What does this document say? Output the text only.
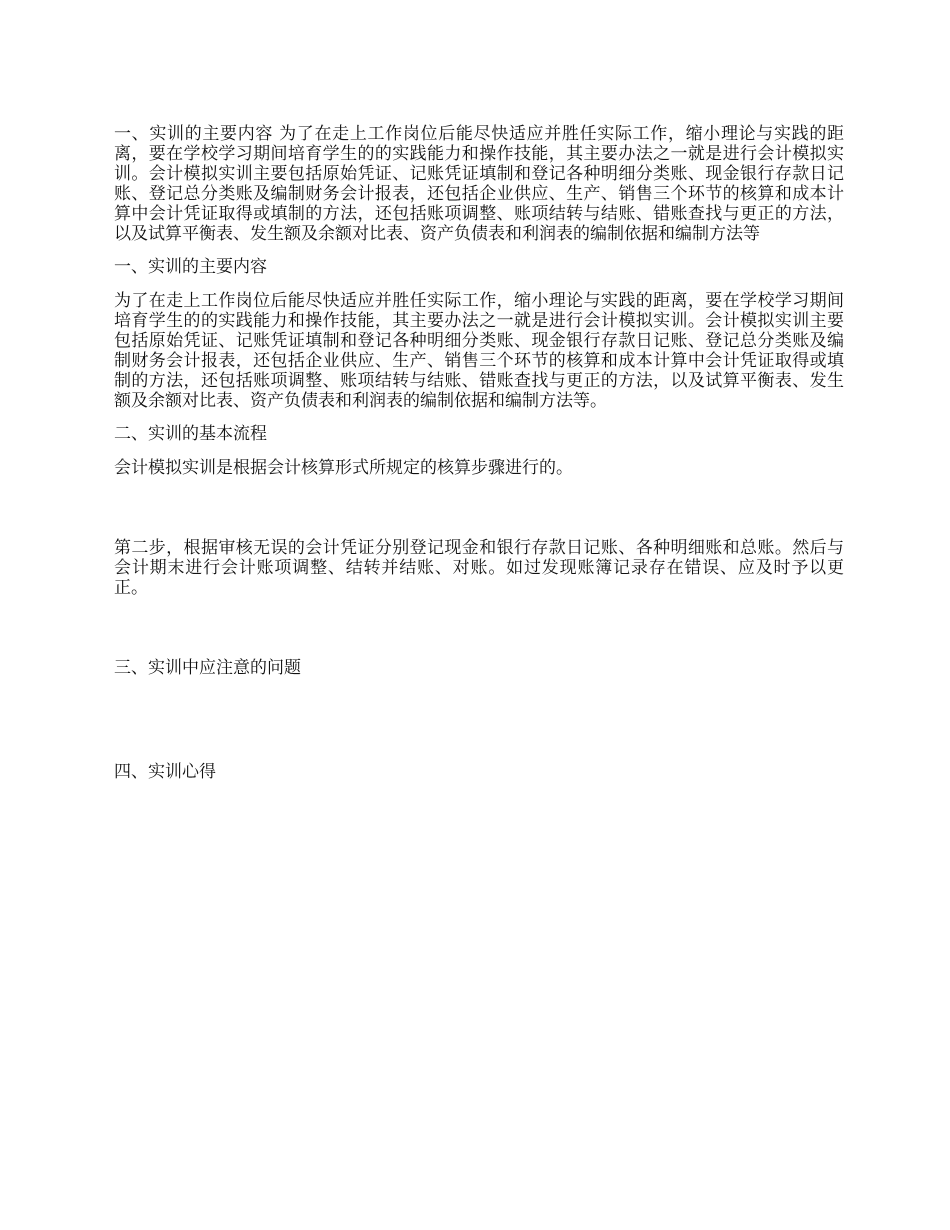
一、实训的主要内容 为了在走上工作岗位后能尽快适应并胜任实际工作，缩小理论与实践的距离，要在学校学习期间培育学生的的实践能力和操作技能，其主要办法之一就是进行会计模拟实训。会计模拟实训主要包括原始凭证、记账凭证填制和登记各种明细分类账、现金银行存款日记账、登记总分类账及编制财务会计报表，还包括企业供应、生产、销售三个环节的核算和成本计算中会计凭证取得或填制的方法，还包括账项调整、账项结转与结账、错账查找与更正的方法，以及试算平衡表、发生额及余额对比表、资产负债表和利润表的编制依据和编制方法等

一、实训的主要内容

为了在走上工作岗位后能尽快适应并胜任实际工作，缩小理论与实践的距离，要在学校学习期间培育学生的的实践能力和操作技能，其主要办法之一就是进行会计模拟实训。会计模拟实训主要包括原始凭证、记账凭证填制和登记各种明细分类账、现金银行存款日记账、登记总分类账及编制财务会计报表，还包括企业供应、生产、销售三个环节的核算和成本计算中会计凭证取得或填制的方法，还包括账项调整、账项结转与结账、错账查找与更正的方法，以及试算平衡表、发生额及余额对比表、资产负债表和利润表的编制依据和编制方法等。

二、实训的基本流程

会计模拟实训是根据会计核算形式所规定的核算步骤进行的。

第二步，根据审核无误的会计凭证分别登记现金和银行存款日记账、各种明细账和总账。然后与会计期末进行会计账项调整、结转并结账、对账。如过发现账簿记录存在错误、应及时予以更正。

三、实训中应注意的问题

四、实训心得
